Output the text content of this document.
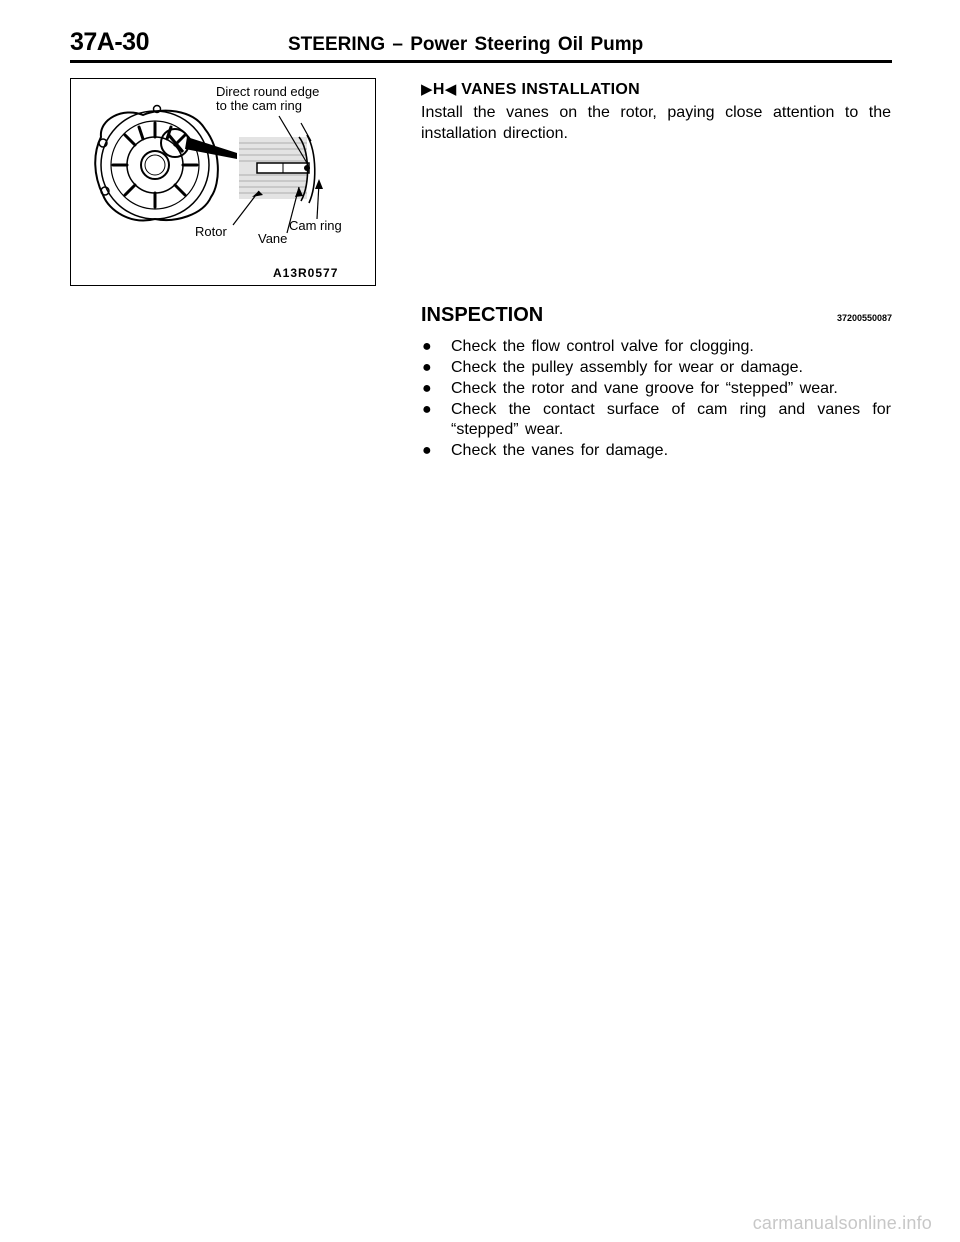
37A-30	STEERING – Power Steering Oil Pump
Direct round edge
to the cam ring
Rotor Vane
Cam ring
A13R0577
▶H◀ VANES INSTALLATION
Install the vanes on the rotor, paying close attention to the installation direction.
INSPECTION	37200550087
● Check the flow control valve for clogging.
● Check the pulley assembly for wear or damage.
● Check the rotor and vane groove for “stepped” wear.
● Check the contact surface of cam ring and vanes for “stepped” wear.
● Check the vanes for damage.
carmanualsonline.info
